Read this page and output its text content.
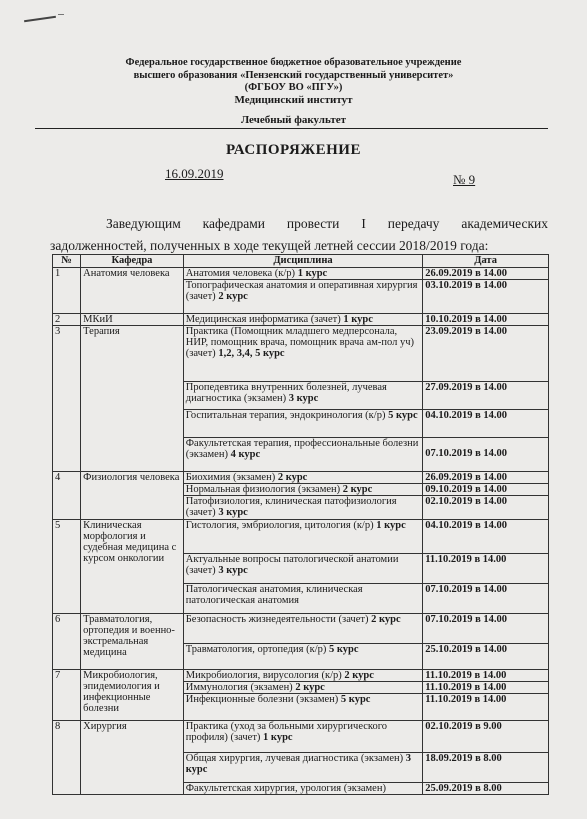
Федеральное государственное бюджетное образовательное учреждение
высшего образования «Пензенский государственный университет»
(ФГБОУ ВО «ПГУ»)
Медицинский институт
Лечебный факультет
РАСПОРЯЖЕНИЕ
16.09.2019	№ 9
Заведующим кафедрами провести I передачу академических задолженностей, полученных в ходе текущей летней сессии 2018/2019 года:
№	Кафедра	Дисциплина	Дата
1	Анатомия человека	Анатомия человека (к/р) 1 курс	26.09.2019 в 14.00
		Топографическая анатомия и оперативная хирургия (зачет) 2 курс	03.10.2019 в 14.00
2	МКиИ	Медицинская информатика (зачет) 1 курс	10.10.2019 в 14.00
3	Терапия	Практика (Помощник младшего медперсонала, НИР, помощник врача, помощник врача ам-пол уч) (зачет) 1,2, 3,4, 5 курс	23.09.2019 в 14.00
		Пропедевтика внутренних болезней, лучевая диагностика (экзамен) 3 курс	27.09.2019 в 14.00
		Госпитальная терапия, эндокринология (к/р) 5 курс	04.10.2019 в 14.00
		Факультетская терапия, профессиональные болезни (экзамен) 4 курс	07.10.2019 в 14.00
4	Физиология человека	Биохимия (экзамен) 2 курс	26.09.2019 в 14.00
		Нормальная физиология (экзамен) 2 курс	09.10.2019 в 14.00
		Патофизиология, клиническая патофизиология (зачет) 3 курс	02.10.2019 в 14.00
5	Клиническая морфология и судебная медицина с курсом онкологии	Гистология, эмбриология, цитология (к/р) 1 курс	04.10.2019 в 14.00
		Актуальные вопросы патологической анатомии (зачет) 3 курс	11.10.2019 в 14.00
		Патологическая анатомия, клиническая патологическая анатомия	07.10.2019 в 14.00
6	Травматология, ортопедия и военно-экстремальная медицина	Безопасность жизнедеятельности (зачет) 2 курс	07.10.2019 в 14.00
		Травматология, ортопедия (к/р) 5 курс	25.10.2019 в 14.00
7	Микробиология, эпидемиология и инфекционные болезни	Микробиология, вирусология (к/р) 2 курс	11.10.2019 в 14.00
		Иммунология (экзамен) 2 курс	11.10.2019 в 14.00
		Инфекционные болезни (экзамен) 5 курс	11.10.2019 в 14.00
8	Хирургия	Практика (уход за больными хирургического профиля) (зачет) 1 курс	02.10.2019 в 9.00
		Общая хирургия, лучевая диагностика (экзамен) 3 курс	18.09.2019 в 8.00
		Факультетская хирургия, урология (экзамен)	25.09.2019 в 8.00
